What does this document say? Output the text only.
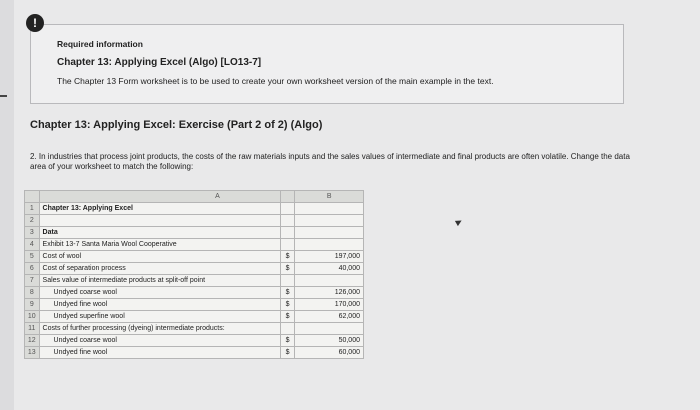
Required information
Chapter 13: Applying Excel (Algo) [LO13-7]
The Chapter 13 Form worksheet is to be used to create your own worksheet version of the main example in the text.
!
Chapter 13: Applying Excel: Exercise (Part 2 of 2) (Algo)
2. In industries that process joint products, the costs of the raw materials inputs and the sales values of intermediate and final products are often volatile. Change the data area of your worksheet to match the following:
	A		B
1	Chapter 13: Applying Excel		
2			
3	Data		
4	Exhibit 13-7 Santa Maria Wool Cooperative		
5	Cost of wool	$	197,000
6	Cost of separation process	$	40,000
7	Sales value of intermediate products at split-off point		
8	Undyed coarse wool	$	126,000
9	Undyed fine wool	$	170,000
10	Undyed superfine wool	$	62,000
11	Costs of further processing (dyeing) intermediate products:		
12	Undyed coarse wool	$	50,000
13	Undyed fine wool	$	60,000
